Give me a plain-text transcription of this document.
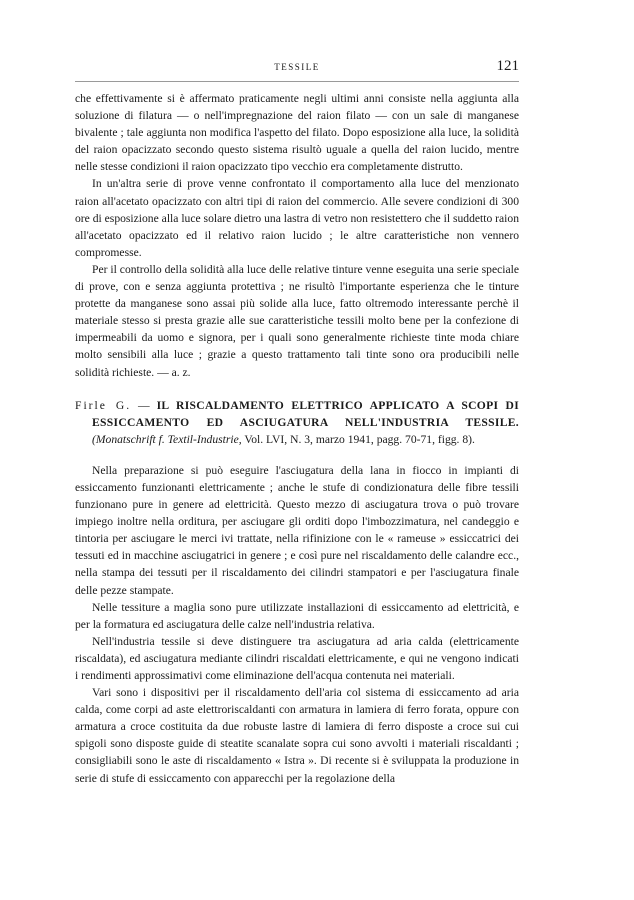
TESSILE	121

che effettivamente si è affermato praticamente negli ultimi anni consiste nella aggiunta alla soluzione di filatura — o nell'impregnazione del raion filato — con un sale di manganese bivalente ; tale aggiunta non modifica l'aspetto del filato. Dopo esposizione alla luce, la solidità del raion opacizzato secondo questo sistema risultò uguale a quella del raion lucido, mentre nelle stesse condizioni il raion opacizzato tipo vecchio era completamente distrutto.

In un'altra serie di prove venne confrontato il comportamento alla luce del menzionato raion all'acetato opacizzato con altri tipi di raion del commercio. Alle severe condizioni di 300 ore di esposizione alla luce solare dietro una lastra di vetro non resistettero che il suddetto raion all'acetato opacizzato ed il relativo raion lucido ; le altre caratteristiche non vennero compromesse.

Per il controllo della solidità alla luce delle relative tinture venne eseguita una serie speciale di prove, con e senza aggiunta protettiva ; ne risultò l'importante esperienza che le tinture protette da manganese sono assai più solide alla luce, fatto oltremodo interessante perchè il materiale stesso si presta grazie alle sue caratteristiche tessili molto bene per la confezione di impermeabili da uomo e signora, per i quali sono generalmente richieste tinte moda chiare molto sensibili alla luce ; grazie a questo trattamento tali tinte sono ora producibili nelle solidità richieste. — a. z.

Firle G. — IL RISCALDAMENTO ELETTRICO APPLICATO A SCOPI DI ESSICCAMENTO ED ASCIUGATURA NELL'INDUSTRIA TESSILE. (Monatschrift f. Textil-Industrie, Vol. LVI, N. 3, marzo 1941, pagg. 70-71, figg. 8).

Nella preparazione si può eseguire l'asciugatura della lana in fiocco in impianti di essiccamento funzionanti elettricamente ; anche le stufe di condizionatura delle fibre tessili funzionano pure in genere ad elettricità. Questo mezzo di asciugatura trova o può trovare impiego inoltre nella orditura, per asciugare gli orditi dopo l'imbozzimatura, nel candeggio e tintoria per asciugare le merci ivi trattate, nella rifinizione con le « rameuse » essiccatrici dei tessuti ed in macchine asciugatrici in genere ; e così pure nel riscaldamento delle calandre ecc., nella stampa dei tessuti per il riscaldamento dei cilindri stampatori e per l'asciugatura finale delle pezze stampate.

Nelle tessiture a maglia sono pure utilizzate installazioni di essiccamento ad elettricità, e per la formatura ed asciugatura delle calze nell'industria relativa.

Nell'industria tessile si deve distinguere tra asciugatura ad aria calda (elettricamente riscaldata), ed asciugatura mediante cilindri riscaldati elettricamente, e qui ne vengono indicati i rendimenti approssimativi come eliminazione dell'acqua contenuta nei materiali.

Vari sono i dispositivi per il riscaldamento dell'aria col sistema di essiccamento ad aria calda, come corpi ad aste elettroriscaldanti con armatura in lamiera di ferro forata, oppure con armatura a croce costituita da due robuste lastre di lamiera di ferro disposte a croce sui cui spigoli sono disposte guide di steatite scanalate sopra cui sono avvolti i materiali riscaldanti ; consigliabili sono le aste di riscaldamento « Istra ». Di recente si è sviluppata la produzione in serie di stufe di essiccamento con apparecchi per la regolazione della
